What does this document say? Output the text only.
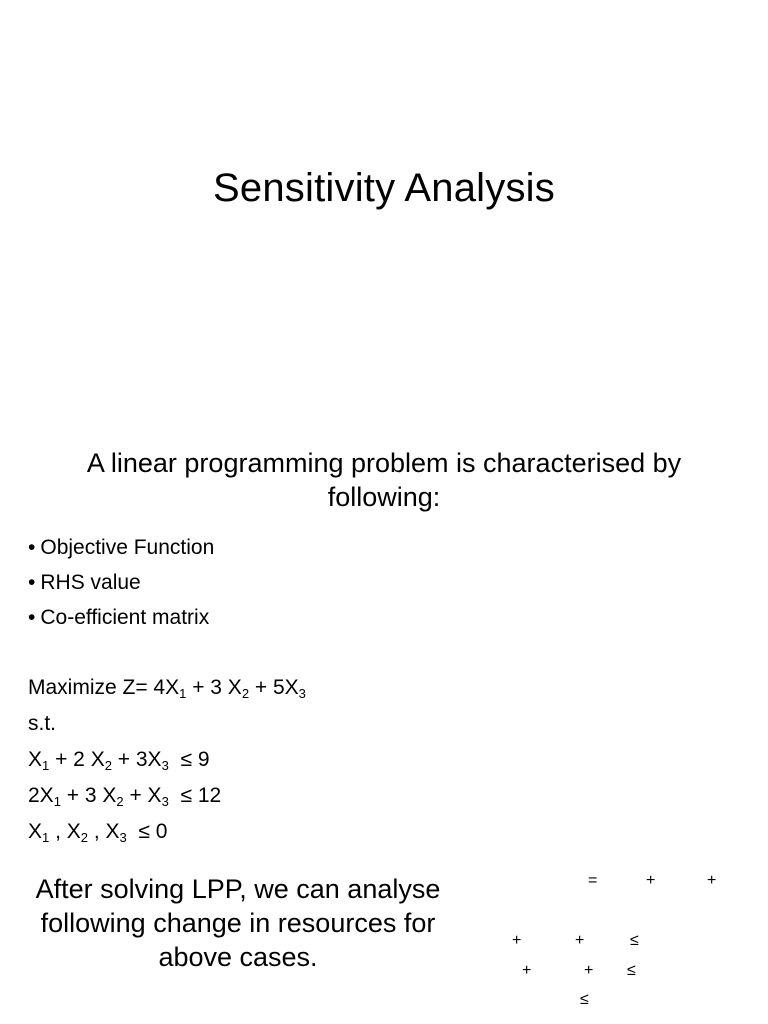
Sensitivity Analysis
A linear programming problem is characterised by following:
• Objective Function
• RHS value
• Co-efficient matrix
Maximize $Z= 4X_1 + 3$ $X_2 + 5X_3$
s.t.
$X_1 + 2$ $X_2 + 3X_3 \le 9$
$2X_1 + 3$ $X_2 + X_3 \le 12$
$X_1$ , $X_2$ , $X_3 \le 0$
After solving LPP, we can analyse following change in resources for above cases.
=	+	+
+	+	≤
+	+ ≤
≤
